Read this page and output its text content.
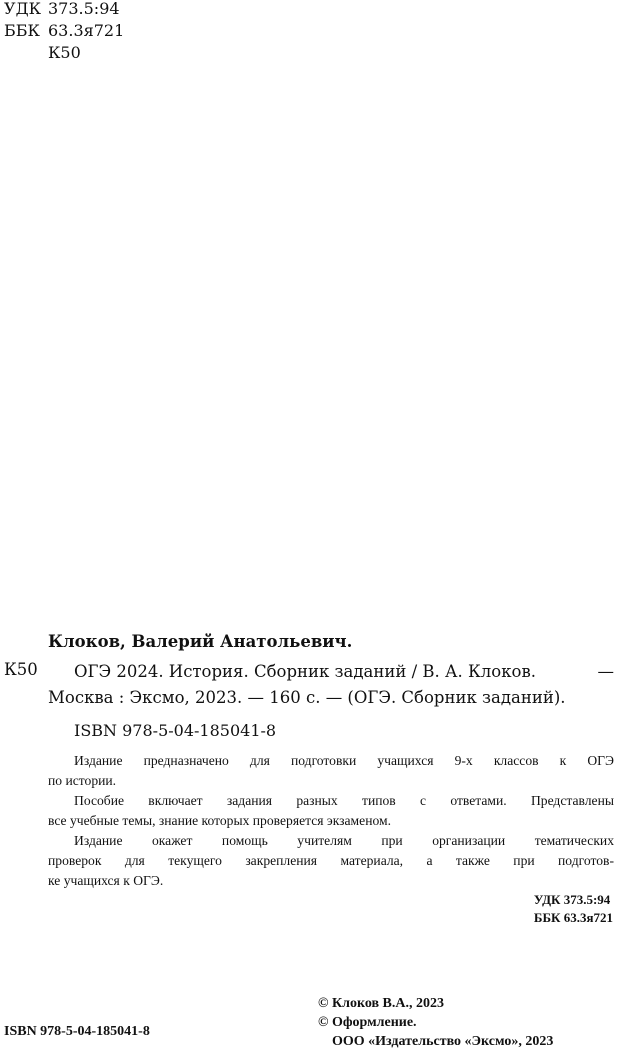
УДК 373.5:94
ББК 63.3я721
К50
Клоков, Валерий Анатольевич.
К50 ОГЭ 2024. История. Сборник заданий / В. А. Клоков.	—
Москва : Эксмо, 2023. — 160 с. — (ОГЭ. Сборник заданий).
ISBN 978-5-04-185041-8

Издание предназначено для подготовки учащихся 9-х классов к ОГЭ

по истории.

Пособие включает задания разных типов с ответами. Представлены

все учебные темы, знание которых проверяется экзаменом.

Издание окажет помощь учителям при организации тематических

проверок для текущего закрепления материала, а также при подготов-

ке учащихся к ОГЭ.

УДК 373.5:94
ББК 63.3я721
© Клоков В.А., 2023
© Оформление.
ООО «Издательство «Эксмо», 2023
ISBN 978-5-04-185041-8
